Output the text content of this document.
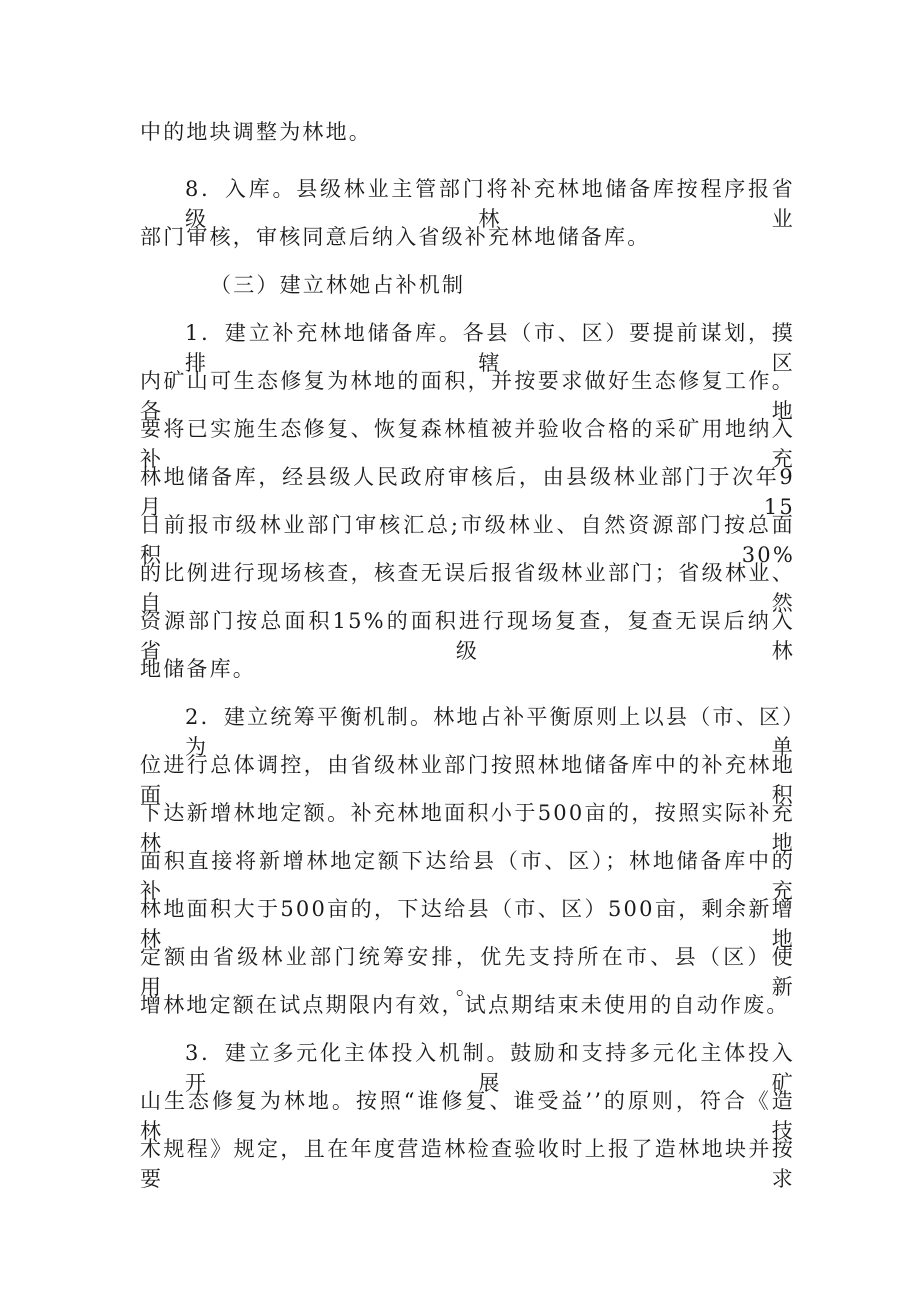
中的地块调整为林地。
8．入库。县级林业主管部门将补充林地储备库按程序报省级林业
部门审核，审核同意后纳入省级补充林地储备库。
（三）建立林她占补机制
1．建立补充林地储备库。各县（市、区）要提前谋划，摸排辖区
内矿山可生态修复为林地的面积，并按要求做好生态修复工作。各地
要将已实施生态修复、恢复森林植被并验收合格的采矿用地纳入补充
林地储备库，经县级人民政府审核后，由县级林业部门于次年9月15
日前报市级林业部门审核汇总;市级林业、自然资源部门按总面积30%
的比例进行现场核查，核查无误后报省级林业部门；省级林业、自然
资源部门按总面积15%的面积进行现场复查，复查无误后纳入省级林
地储备库。
2．建立统筹平衡机制。林地占补平衡原则上以县（市、区）为单
位进行总体调控，由省级林业部门按照林地储备库中的补充林地面积
下达新增林地定额。补充林地面积小于500亩的，按照实际补充林地
面积直接将新增林地定额下达给县（市、区）；林地储备库中的补充
林地面积大于500亩的，下达给县（市、区）500亩，剩余新增林地
定额由省级林业部门统筹安排，优先支持所在市、县（区）使用。新
增林地定额在试点期限内有效，试点期结束未使用的自动作废。
3．建立多元化主体投入机制。鼓励和支持多元化主体投入开展矿
山生态修复为林地。按照“谁修复、谁受益’’的原则，符合《造林技
术规程》规定，且在年度营造林检查验收时上报了造林地块并按要求
